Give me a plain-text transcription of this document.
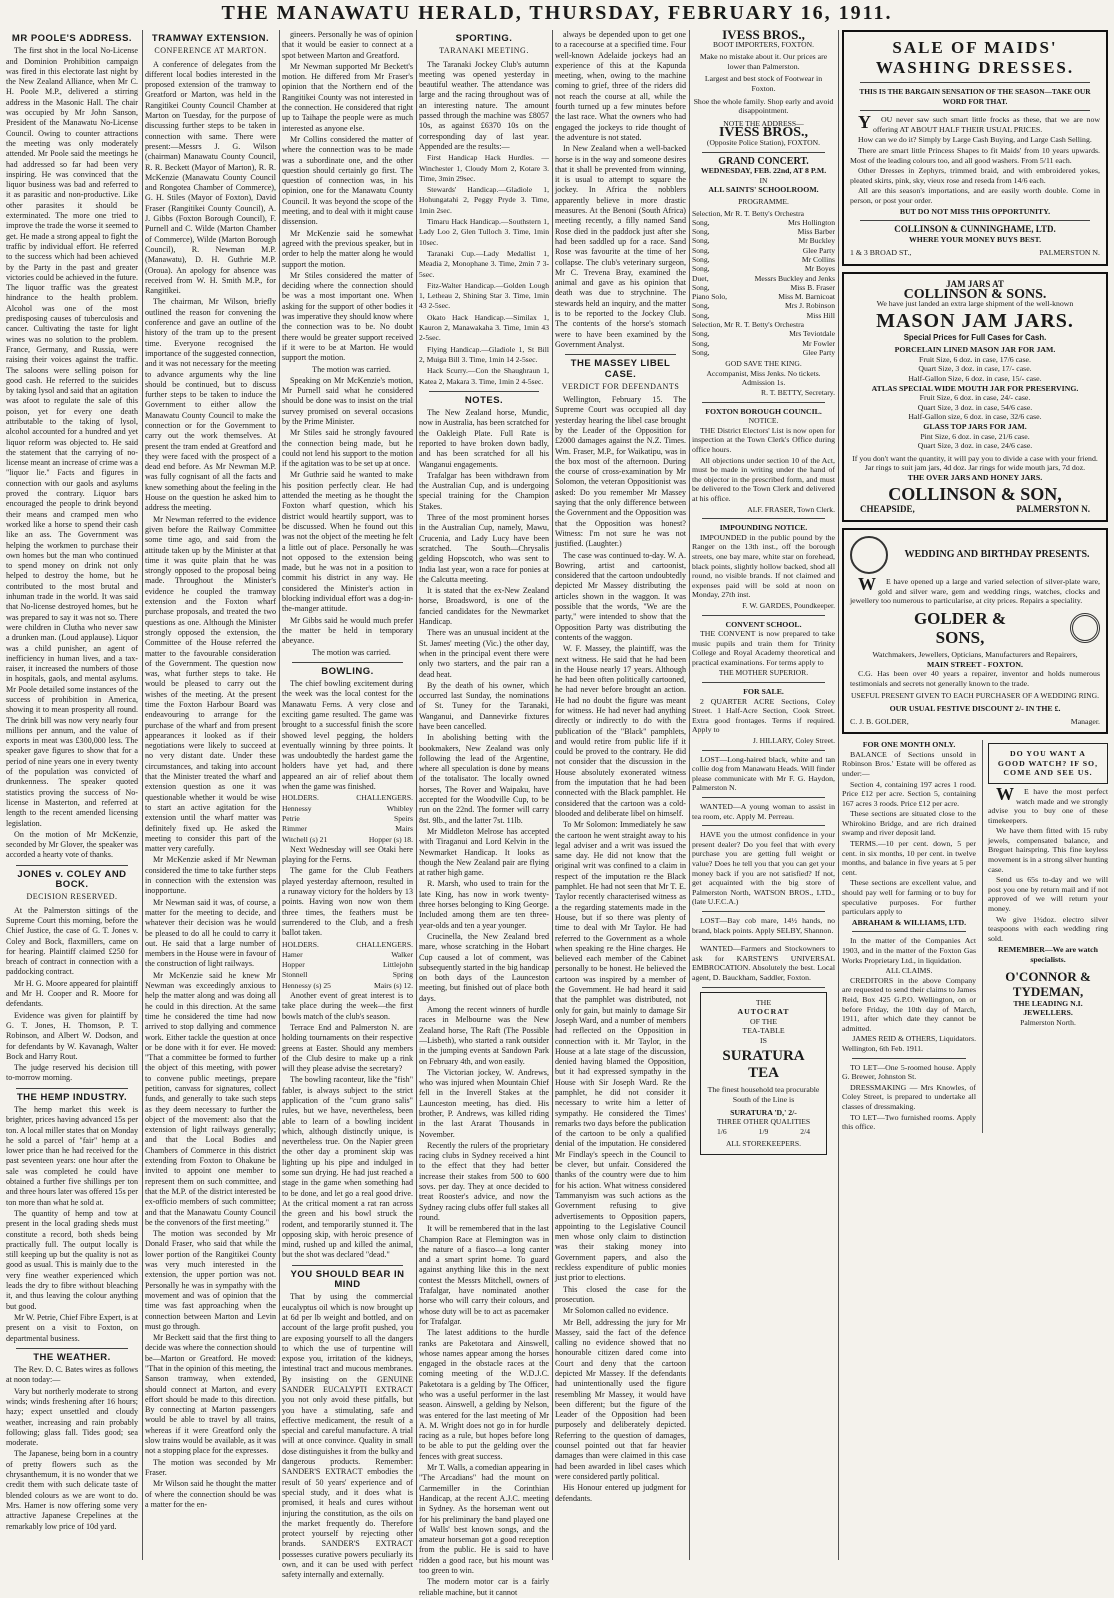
THE MANAWATU HERALD, THURSDAY, FEBRUARY 16, 1911.
MR POOLE'S ADDRESS.
The first shot in the local No-License and Dominion Prohibition campaign was fired in this electorate last night by the New Zealand Alliance, when Mr C. H. Poole M.P., delivered a stirring address in the Masonic Hall. The chair was occupied by Mr John Sanson, President of the Manawatu No-License Council. Owing to counter attractions the meeting was only moderately attended. Mr Poole said the meetings he had addressed so far had been very inspiring. He was convinced that the liquor business was bad and referred to it as parasitic and non-productive. Like other parasites it should be exterminated. The more one tried to improve the trade the worse it seemed to get. He made a strong appeal to fight the traffic by individual effort. He referred to the success which had been achieved by the Party in the past and greater victories could be achieved in the future. The liquor traffic was the greatest hindrance to the health problem. Alcohol was one of the most predisposing causes of tuberculosis and cancer. Cultivating the taste for light wines was no solution to the problem. France, Germany, and Russia, were raising their voices against the traffic. The saloons were selling poison for good cash. He referred to the suicides by taking lysol and said that an agitation was afoot to regulate the sale of this poison, yet for every one death attributable to the taking of lysol, alcohol accounted for a hundred and yet liquor reform was objected to. He said the statement that the carrying of no-license meant an increase of crime was a "liquor lie." Facts and figures in connection with our gaols and asylums proved the contrary. Liquor bars encouraged the people to drink beyond their means and cramped men who worked like a horse to spend their cash like an ass. The Government was helping the workmen to purchase their own homes but the man who continued to spend money on drink not only helped to destroy the home, but he contributed to the most brutal and inhuman trade in the world. It was said that No-license destroyed homes, but he was prepared to say it was not so. There were children in Clutha who never saw a drunken man. (Loud applause). Liquor was a child punisher, an agent of inefficiency in human lives, and a tax-raiser, it increased the numbers of those in hospitals, gaols, and mental asylums. Mr Poole detailed some instances of the success of prohibition in America, showing it to mean prosperity all round. The drink bill was now very nearly four millions per annum, and the value of exports in meat was £300,000 less. The speaker gave figures to show that for a period of nine years one in every twenty of the population was convicted of drunkenness. The speaker quoted statistics proving the success of No-license in Masterton, and referred at length to the recent amended licensing legislation.
On the motion of Mr McKenzie, seconded by Mr Glover, the speaker was accorded a hearty vote of thanks.
JONES v. COLEY AND BOCK.
DECISION RESERVED.
At the Palmerston sittings of the Supreme Court this morning, before the Chief Justice, the case of G. T. Jones v. Coley and Bock, flaxmillers, came on for hearing. Plaintiff claimed £250 for breach of contract in connection with a paddocking contract.
Mr H. G. Moore appeared for plaintiff and Mr H. Cooper and R. Moore for defendants.
Evidence was given for plaintiff by G. T. Jones, H. Thomson, P. T. Robinson, and Albert W. Dodson, and for defendants by W. Kavanagh, Walter Bock and Harry Rout.
The judge reserved his decision till to-morrow morning.
THE HEMP INDUSTRY.
The hemp market this week is brighter, prices having advanced 15s per ton. A local miller states that on Monday he sold a parcel of "fair" hemp at a lower price than he had received for the past seventeen years: one hour after the sale was completed he could have obtained a further five shillings per ton and three hours later was offered 15s per ton more than what he sold at.
The quantity of hemp and tow at present in the local grading sheds must constitute a record, both sheds being practically full. The output locally is still keeping up but the quality is not as good as usual. This is mainly due to the very fine weather experienced which leads the dry to fibre without bleaching it, and thus leaving the colour anything but good.
Mr W. Petrie, Chief Fibre Expert, is at present on a visit to Foxton, on departmental business.
THE WEATHER.
The Rev. D. C. Bates wires as follows at noon today:—
Vary but northerly moderate to strong winds; winds freshening after 16 hours; hazy; expect unsettled and cloudy weather, increasing and rain probably following; glass fall. Tides good; sea moderate.
The Japanese, being born in a country of pretty flowers such as the chrysanthemum, it is no wonder that we credit them with such delicate taste of blended colours as we are wont to do. Mrs. Hamer is now offering some very attractive Japanese Crepelines at the remarkably low price of 10d yard.
TRAMWAY EXTENSION.
CONFERENCE AT MARTON.
A conference of delegates from the different local bodies interested in the proposed extension of the tramway to Greatford or Marton, was held in the Rangitikei County Council Chamber at Marton on Tuesday, for the purpose of discussing further steps to be taken in connection with same. There were present:—Messrs J. G. Wilson (chairman) Manawatu County Council, R. R. Beckett (Mayor of Marton), R. R. McKenzie (Manawatu County Council and Rongotea Chamber of Commerce), G. H. Stiles (Mayor of Foxton), David Fraser (Rangitikei County Council), A. J. Gibbs (Foxton Borough Council), F. Purnell and C. Wilde (Marton Chamber of Commerce), Wilde (Marton Borough Council), R. Newman M.P. (Manawatu), D. H. Guthrie M.P. (Oroua). An apology for absence was received from W. H. Smith M.P., for Rangitikei.
The chairman, Mr Wilson, briefly outlined the reason for convening the conference and gave an outline of the history of the tram up to the present time. Everyone recognised the importance of the suggested connection, and it was not necessary for the meeting to advance arguments why the line should be continued, but to discuss further steps to be taken to induce the Government to either allow the Manawatu County Council to make the connection or for the Government to carry out the work themselves. At present the tram ended at Greatford and they were faced with the prospect of a dead end before. As Mr Newman M.P. was fully cognisant of all the facts and knew something about the feeling in the House on the question he asked him to address the meeting.
Mr Newman referred to the evidence given before the Railway Committee some time ago, and said from the attitude taken up by the Minister at that time it was quite plain that he was strongly opposed to the proposal being made. Throughout the Minister's evidence he coupled the tramway extension and the Foxton wharf purchase proposals, and treated the two questions as one. Although the Minister strongly opposed the extension, the Committee of the House referred the matter to the favourable consideration of the Government. The question now was, what further steps to take. He would be pleased to carry out the wishes of the meeting. At the present time the Foxton Harbour Board was endeavouring to arrange for the purchase of the wharf and from present appearances it looked as if their negotiations were likely to succeed at no very distant date. Under these circumstances, and taking into account that the Minister treated the wharf and extension question as one it was questionable whether it would be wise to start an active agitation for the extension until the wharf matter was definitely fixed up. He asked the meeting to consider this part of the matter very carefully.
Mr McKenzie asked if Mr Newman considered the time to take further steps in connection with the extension was inopportune.
Mr Newman said it was, of course, a matter for the meeting to decide, and whatever their decision was he would be pleased to do all he could to carry it out. He said that a large number of members in the House were in favour of the construction of light railways.
Mr McKenzie said he knew Mr Newman was exceedingly anxious to help the matter along and was doing all he could in this direction. At the same time he considered the time had now arrived to stop dallying and commence work. Either tackle the question at once or be done with it for ever. He moved: "That a committee be formed to further the object of this meeting, with power to convene public meetings, prepare petition, canvass for signatures, collect funds, and generally to take such steps as they deem necessary to further the object of the movement: also that the extension of light railways generally; and that the Local Bodies and Chambers of Commerce in this district extending from Foxton to Ohakune be invited to appoint one member to represent them on such committee, and that the M.P. of the district interested be ex-officio members of such committee; and that the Manawatu County Council be the convenors of the first meeting."
The motion was seconded by Mr Donald Fraser, who said that while the lower portion of the Rangitikei County was very much interested in the extension, the upper portion was not. Personally he was in sympathy with the movement and was of opinion that the time was fast approaching when the connection between Marton and Levin must go through.
Mr Beckett said that the first thing to decide was where the connection should be—Marton or Greatford. He moved: "That in the opinion of this meeting, the Sanson tramway, when extended, should connect at Marton, and every effort should be made to this direction. By connecting at Marton passengers would be able to travel by all trains, whereas if it were Greatford only the slow trains would be available, as it was not a stopping place for the expresses.
The motion was seconded by Mr Fraser.
Mr Wilson said he thought the matter of where the connection should be was a matter for the en-
gineers. Personally he was of opinion that it would be easier to connect at a spot between Marton and Greatford.
Mr Newman supported Mr Beckett's motion. He differed from Mr Fraser's opinion that the Northern end of the Rangitikei County was not interested in the connection. He considered that right up to Taihape the people were as much interested as anyone else.
Mr Collins considered the matter of where the connection was to be made was a subordinate one, and the other question should certainly go first. The question of connection was, in his opinion, one for the Manawatu County Council. It was beyond the scope of the meeting, and to deal with it might cause dissension.
Mr McKenzie said he somewhat agreed with the previous speaker, but in order to help the matter along he would support the motion.
Mr Stiles considered the matter of deciding where the connection should be was a most important one. When asking for the support of other bodies it was imperative they should know where the connection was to be. No doubt there would be greater support received if it were to be at Marton. He would support the motion.
The motion was carried.
Speaking on Mr McKenzie's motion, Mr Purnell said what he considered should be done was to insist on the trial survey promised on several occasions by the Prime Minister.
Mr Stiles said he strongly favoured the connection being made, but he could not lend his support to the motion if the agitation was to be set up at once.
Mr Guthrie said he wanted to make his position perfectly clear. He had attended the meeting as he thought the Foxton wharf question, which his district would heartily support, was to be discussed. When he found out this was not the object of the meeting he felt a little out of place. Personally he was not opposed to the extension being made, but he was not in a position to commit his district in any way. He considered the Minister's action in blocking individual effort was a dog-in-the-manger attitude.
Mr Gibbs said he would much prefer the matter be held in temporary abeyance.
The motion was carried.
BOWLING.
The chief bowling excitement during the week was the local contest for the Manawatu Ferns. A very close and exciting game resulted. The game was brought to a successful finish the score showed level pegging, the holders eventually winning by three points. It was undoubtedly the hardest game the holders have yet had, and there appeared an air of relief about them when the game was finished.
HOLDERS.	CHALLENGERS.
Hennessy	Whibley
Petrie	Speirs
Rimmer	Mairs
Witchell (s) 21	Hopper (s) 18.
Next Wednesday will see Otaki here playing for the Ferns.
The game for the Club Feathers played yesterday afternoon, resulted in a runaway victory for the holders by 13 points. Having won now won them three times, the feathers must be surrendered to the Club, and a fresh ballot taken.
HOLDERS.	CHALLENGERS.
Hamer	Walker
Hopper	Littlejohn
Stonnell	Spring
Hennessy (s) 25	Mairs (s) 12.
Another event of great interest is to take place during the week—the first bowls match of the club's season.
Terrace End and Palmerston N. are holding tournaments on their respective greens at Easter. Should any members of the Club desire to make up a rink will they please advise the secretary?
The bowling raconteur, like the "fish" fabler, is always subject to the strict application of the "cum grano salis" rules, but we have, nevertheless, been able to learn of a bowling incident which, although distinctly unique, is nevertheless true. On the Napier green the other day a prominent skip was lighting up his pipe and indulged in some sun drying. He had just reached a stage in the game when something had to be done, and let go a real good drive. At the critical moment a rat ran across the green and his bowl struck the rodent, and temporarily stunned it. The opposing skip, with heroic presence of mind, rushed up and killed the animal, but the shot was declared "dead."
YOU SHOULD BEAR IN MIND
That by using the commercial eucalyptus oil which is now brought up at 6d per lb weight and bottled, and on account of the large profit pushed, you are exposing yourself to all the dangers to which the use of turpentine will expose you, irritation of the kidneys, intestinal tract and mucous membranes. By insisting on the GENUINE SANDER EUCALYPTI EXTRACT you not only avoid these pitfalls, but you have a stimulating, safe and effective medicament, the result of a special and careful manufacture. A trial will at once convince. Quality in small dose distinguishes it from the bulky and dangerous products. Remember: SANDER'S EXTRACT embodies the result of 50 years' experience and of special study, and it does what is promised, it heals and cures without injuring the constitution, as the oils on the market frequently do. Therefore protect yourself by rejecting other brands. SANDER'S EXTRACT possesses curative powers peculiarly its own, and it can be used with perfect safety internally and externally.
SPORTING.
TARANAKI MEETING.
The Taranaki Jockey Club's autumn meeting was opened yesterday in beautiful weather. The attendance was large and the racing throughout was of an interesting nature. The amount passed through the machine was £8057 10s, as against £6370 10s on the corresponding day of last year. Appended are the results:—
First Handicap Hack Hurdles. —Winchester 1, Cloudy Morn 2, Kotare 3. Time, 3min 29sec.
Stewards' Handicap.—Gladiole 1, Hohungatahi 2, Peggy Pryde 3. Time, 1min 2sec.
Timaru Hack Handicap.—Southstern 1, Lady Loo 2, Glen Tulloch 3. Time, 1min 10sec.
Taranaki Cup.—Lady Medallist 1, Meadia 2, Monophane 3. Time, 2min 7 3-5sec.
Fitz-Walter Handicap.—Golden Lough 1, Letheau 2, Shining Star 3. Time, 1min 43 2-5sec.
Okato Hack Handicap.—Similax 1, Kauron 2, Manawakaha 3. Time, 1min 43 2-5sec.
Flying Handicap.—Gladiole 1, St Bill 2, Muiga Bill 3. Time, 1min 14 2-5sec.
Hack Scurry.—Con the Shaughraun 1, Katea 2, Makara 3. Time, 1min 2 4-5sec.
NOTES.
The New Zealand horse, Mundic, now in Australia, has been scratched for the Oakleigh Plate. Full Rate is reported to have broken down badly, and has been scratched for all his Wanganui engagements.
Trafalgar has been withdrawn from the Australian Cup, and is undergoing special training for the Champion Stakes.
Three of the most prominent horses in the Australian Cup, namely, Mawu, Crucenia, and Lady Lucy have been scratched. The South—Chrysalis gelding Hopscotch, who was sent to India last year, won a race for ponies at the Calcutta meeting.
It is stated that the ex-New Zealand horse, Broadsword, is one of the fancied candidates for the Newmarket Handicap.
There was an unusual incident at the St. James' meeting (Vic.) the other day, when in the principal event there were only two starters, and the pair ran a dead heat.
By the death of his owner, which occurred last Sunday, the nominations of St. Tuney for the Taranaki, Wanganui, and Dannevirke fixtures have been cancelled.
In abolishing betting with the bookmakers, New Zealand was only following the lead of the Argentine, where all speculation is done by means of the totalisator. The locally owned horses, The Rover and Waipaku, have accepted for the Woodville Cup, to be run on the 22nd. The former will carry 8st. 9lb., and the latter 7st. 11lb.
Mr Middleton Melrose has accepted with Tiraganui and Lord Kelvin in the Newmarket Handicap. It looks as though the New Zealand pair are flying at rather high game.
R. Marsh, who used to train for the late King, has now in work twenty-three horses belonging to King George. Included among them are ten three-year-olds and ten a year younger.
Crucinella, the New Zealand bred mare, whose scratching in the Hobart Cup caused a lot of comment, was subsequently started in the big handicap on both days of the Launceston meeting, but finished out of place both days.
Among the recent winners of hurdle races in Melbourne was the New Zealand horse, The Raft (The Possible—Lisbeth), who started a rank outsider in the jumping events at Sandown Park on February 4th, and won easily.
The Victorian jockey, W. Andrews, who was injured when Mountain Chief fell in the Inverell Stakes at the Launceston meeting, has died. His brother, P. Andrews, was killed riding in the last Ararat Thousands in November.
Recently the rulers of the proprietary racing clubs in Sydney received a hint to the effect that they had better increase their stakes from 500 to 600 sovs. per day. They at once decided to treat Rooster's advice, and now the Sydney racing clubs offer full stakes all round.
It will be remembered that in the last Champion Race at Flemington was in the nature of a fiasco—a long canter and a smart sprint home. To guard against anything like this in the next contest the Messrs Mitchell, owners of Trafalgar, have nominated another horse who will carry their colours, and whose duty will be to act as pacemaker for Trafalgar.
The latest additions to the hurdle ranks are Paketotara and Ainswell, whose names appear among the horses engaged in the obstacle races at the coming meeting of the W.D.J.C. Paketotara is a gelding by The Officer, who was a useful performer in the last season. Ainswell, a gelding by Nelson, was entered for the last meeting of Mr A. M. Wright does not go in for hurdle racing as a rule, but hopes before long to be able to put the gelding over the fences with great success.
Mr T. Walls, a comedian appearing in "The Arcadians" had the mount on Carmemiller in the Corinthian Handicap, at the recent A.J.C. meeting in Sydney. As the horseman went out for his preliminary the band played one of Walls' best known songs, and the amateur horseman got a good reception from the public. He is said to have ridden a good race, but his mount was too green to win.
The modern motor car is a fairly reliable machine, but it cannot
always be depended upon to get one to a racecourse at a specified time. Four well-known Adelaide jockeys had an experience of this at the Kapunda meeting, when, owing to the machine coming to grief, three of the riders did not reach the course at all, while the fourth turned up a few minutes before the last race. What the owners who had engaged the jockeys to ride thought of the adventure is not stated.
In New Zealand when a well-backed horse is in the way and someone desires that it shall be prevented from winning, it is usual to attempt to square the jockey. In Africa the nobblers apparently believe in more drastic measures. At the Benoni (South Africa) meeting recently, a filly named Sand Rose died in the paddock just after she had been saddled up for a race. Sand Rose was favourite at the time of her collapse. The club's veterinary surgeon, Mr C. Trevena Bray, examined the animal and gave as his opinion that death was due to strychnine. The stewards held an inquiry, and the matter is to be reported to the Jockey Club. The contents of the horse's stomach were to have been examined by the Government Analyst.
THE MASSEY LIBEL CASE.
VERDICT FOR DEFENDANTS
Wellington, February 15. The Supreme Court was occupied all day yesterday hearing the libel case brought by the Leader of the Opposition for £2000 damages against the N.Z. Times. Wm. Fraser, M.P., for Waikatipu, was in the box most of the afternoon. During the course of cross-examination by Mr Solomon, the veteran Oppositionist was asked: Do you remember Mr Massey saying that the only difference between the Government and the Opposition was that the Opposition was honest? Witness: I'm not sure he was not justified. (Laughter.)
The case was continued to-day. W. A. Bowring, artist and cartoonist, considered that the cartoon undoubtedly depicted Mr Massey distributing the articles shown in the waggon. It was possible that the words, "We are the party," were intended to show that the Opposition Party was distributing the contents of the waggon.
W. F. Massey, the plaintiff, was the next witness. He said that he had been in the House nearly 17 years. Although he had been often politically cartooned, he had never before brought an action. He had no doubt the figure was meant for witness. He had never had anything directly or indirectly to do with the publication of the "Black" pamphlets, and would retire from public life if it could be proved to the contrary. He did not consider that the discussion in the House absolutely exonerated witness from the imputation that he had been connected with the Black pamphlet. He considered that the cartoon was a cold-blooded and deliberate libel on himself.
To Mr Solomon: Immediately he saw the cartoon he went straight away to his legal adviser and a writ was issued the same day. He did not know that the original writ was confined to a claim in respect of the imputation re the Black pamphlet. He had not seen that Mr T. E. Taylor recently characterised witness as a the regarding statements made in the House, but if so there was plenty of time to deal with Mr Taylor. He had referred to the Government as a whole when speaking re the Hine charges. He believed each member of the Cabinet personally to be honest. He believed the cartoon was inspired by a member of the Government. He had heard it said that the pamphlet was distributed, not only for gain, but mainly to damage Sir Joseph Ward, and a number of members had reflected on the Opposition in connection with it. Mr Taylor, in the House at a late stage of the discussion, denied having blamed the Opposition, but it had expressed sympathy in the House with Sir Joseph Ward. Re the pamphlet, he did not consider it necessary to write him a letter of sympathy. He considered the Times' remarks two days before the publication of the cartoon to be only a qualified denial of the imputation. He considered Mr Findlay's speech in the Council to be clever, but unfair. Considered the thanks of the country were due to him for his action. What witness considered Tammanyism was such actions as the Government refusing to give advertisements to Opposition papers, appointing to the Legislative Council men whose only claim to distinction was their staking money into Government papers, and also the reckless expenditure of public monies just prior to elections.
This closed the case for the prosecution.
Mr Solomon called no evidence.
Mr Bell, addressing the jury for Mr Massey, said the fact of the defence calling no evidence showed that no honourable citizen dared come into Court and deny that the cartoon depicted Mr Massey. If the defendants had unintentionally used the figure resembling Mr Massey, it would have been different; but the figure of the Leader of the Opposition had been purposely and deliberately depicted. Referring to the question of damages, counsel pointed out that far heavier damages than were claimed in this case had been awarded in libel cases which were considered partly political.
His Honour entered up judgment for defendants.
IVESS BROS.,
BOOT IMPORTERS, FOXTON.
Make no mistake about it. Our prices are lower than Palmerston.
Largest and best stock of Footwear in Foxton.
Shoe the whole family. Shop early and avoid disappointment.
NOTE THE ADDRESS—
IVESS BROS.,
(Opposite Police Station), FOXTON.
GRAND CONCERT.
WEDNESDAY, FEB. 22nd, AT 8 P.M.
IN
ALL SAINTS' SCHOOLROOM.
PROGRAMME.
Selection, Mr R. T. Betty's Orchestra
Song,	Mrs Hollington
Song,	Miss Barber
Song,	Mr Buckley
Song,	Glee Party
Song,	Mr Collins
Song,	Mr Boyes
Duet,	Messrs Buckley and Jenks
Song,	Miss B. Fraser
Piano Solo,	Miss M. Barnicoat
Song,	Mrs J. Robinson
Song,	Miss Hill
Selection, Mr R. T. Betty's Orchestra
Song,	Mrs Teviotdale
Song,	Mr Fowler
Song,	Glee Party
GOD SAVE THE KING.
Accompanist, Miss Jenks. No tickets. Admission 1s.
R. T. BETTY, Secretary.
FOXTON BOROUGH COUNCIL.
NOTICE.
THE District Electors' List is now open for inspection at the Town Clerk's Office during office hours.
All objections under section 10 of the Act, must be made in writing under the hand of the objector in the prescribed form, and must be delivered to the Town Clerk and delivered at his office.
ALF. FRASER, Town Clerk.
IMPOUNDING NOTICE.
IMPOUNDED in the public pound by the Ranger on the 13th inst., off the borough streets, one bay mare, white star on forehead, black points, slightly hollow backed, shod all round, no visible brands. If not claimed and expenses paid will be sold at noon on Monday, 27th inst.
F. W. GARDES, Poundkeeper.
CONVENT SCHOOL.
THE CONVENT is now prepared to take music pupils and train them for Trinity College and Royal Academy theoretical and practical examinations. For terms apply to
THE MOTHER SUPERIOR.
FOR SALE.
2 QUARTER ACRE Sections, Coley Street. 1 Half-Acre Section, Cook Street. Extra good frontages. Terms if required. Apply to
J. HILLARY, Coley Street.
LOST—Long-haired black, white and tan collie dog from Manawatu Heads. Will finder please communicate with Mr F. G. Haydon, Palmerston N.
WANTED—A young woman to assist in tea room, etc. Apply M. Perreau.
HAVE you the utmost confidence in your present dealer? Do you feel that with every purchase you are getting full weight or value? Does he tell you that you can get your money back if you are not satisfied? If not, get acquainted with the big store of Palmerston North, WATSON BROS., LTD., (late U.F.C.A.)
LOST—Bay cob mare, 14½ hands, no brand, black points. Apply SELBY, Shannon.
WANTED—Farmers and Stockowners to ask for KARSTEN'S UNIVERSAL EMBROCATION. Absolutely the best. Local agent, D. Bauckham, Saddler, Foxton.
THE
AUTOCRAT
OF THE
TEA-TABLE
IS
SURATURA TEA
The finest household tea procurable South of the Line is
SURATURA 'D,' 2/-
THREE OTHER QUALITIES
1/6	1/9	2/4
ALL STOREKEEPERS.
SALE OF MAIDS'
WASHING DRESSES.
THIS IS THE BARGAIN SENSATION OF THE SEASON—TAKE OUR WORD FOR THAT.
YOU never saw such smart little frocks as these, that we are now offering AT ABOUT HALF THEIR USUAL PRICES.
How can we do it? Simply by Large Cash Buying, and Large Cash Selling.
There are smart little Princess Shapes to fit Maids' from 10 years upwards. Most of the leading colours too, and all good washers. From 5/11 each.
Other Dresses in Zephyrs, trimmed braid, and with embroidered yokes, pleated skirts, pink, sky, vieux rose and reseda from 14/6 each.
All are this season's importations, and are easily worth double. Come in person, or post your order.
BUT DO NOT MISS THIS OPPORTUNITY.
COLLINSON & CUNNINGHAME, LTD.
WHERE YOUR MONEY BUYS BEST.
1 & 3 BROAD ST.,	PALMERSTON N.
JAM JARS AT
COLLINSON & SONS.
We have just landed an extra large shipment of the well-known
MASON JAM JARS.
Special Prices for Full Cases for Cash.
PORCELAIN LINED MASON JAR FOR JAM.
Fruit Size, 6 doz. in case, 17/6 case.
Quart Size, 3 doz. in case, 17/- case.
Half-Gallon Size, 6 doz. in case, 15/- case.
ATLAS SPECIAL WIDE MOUTH JAR FOR PRESERVING.
Fruit Size, 6 doz. in case, 24/- case.
Quart Size, 3 doz. in case, 54/6 case.
Half-Gallon size, 6 doz. in case, 32/6 case.
GLASS TOP JARS FOR JAM.
Pint Size, 6 doz. in case, 21/6 case.
Quart Size, 3 doz. in case, 24/6 case.
If you don't want the quantity, it will pay you to divide a case with your friend. Jar rings to suit jam jars, 4d doz. Jar rings for wide mouth jars, 7d doz.
THE OVER JARS AND HONEY JARS.
COLLINSON & SON,
CHEAPSIDE,	PALMERSTON N.
WEDDING AND BIRTHDAY PRESENTS.
WE have opened up a large and varied selection of silver-plate ware, gold and silver ware, gem and wedding rings, watches, clocks and jewellery too numerous to particularise, at city prices. Repairs a speciality.
GOLDER &
SONS,
Watchmakers, Jewellers, Opticians, Manufacturers and Repairers,
MAIN STREET - FOXTON.
C.G. Has been over 40 years a repairer, inventor and holds numerous testimonials and secrets not generally known to the trade.
USEFUL PRESENT GIVEN TO EACH PURCHASER OF A WEDDING RING.
OUR USUAL FESTIVE DISCOUNT 2/- IN THE £.
C. J. B. GOLDER,	Manager.
FOR ONE MONTH ONLY.
BALANCE of Sections unsold in Robinson Bros.' Estate will be offered as under:—
Section 4, containing 197 acres 1 rood. Price £12 per acre. Section 5, containing 167 acres 3 roods. Price £12 per acre.
These sections are situated close to the Whirokino Bridge, and are rich drained swamp and river deposit land.
TERMS.—10 per cent. down, 5 per cent. in six months, 10 per cent. in twelve months, and balance in five years at 5 per cent.
These sections are excellent value, and should pay well for farming or to buy for speculative purposes. For further particulars apply to
ABRAHAM & WILLIAMS, LTD.
In the matter of the Companies Act 1903, and in the matter of the Foxton Gas Works Proprietary Ltd., in liquidation.
ALL CLAIMS.
CREDITORS in the above Company are requested to send their claims to James Reid, Box 425 G.P.O. Wellington, on or before Friday, the 10th day of March, 1911, after which date they cannot be admitted.
JAMES REID & OTHERS, Liquidators.
Wellington, 6th Feb. 1911.
TO LET—One 5-roomed house. Apply G. Brewer, Johnston St.
DRESSMAKING — Mrs Knowles, of Coley Street, is prepared to undertake all classes of dressmaking.
TO LET—Two furnished rooms. Apply this office.
DO YOU WANT A GOOD WATCH? IF SO, COME AND SEE US.
WE have the most perfect watch made and we strongly advise you to buy one of these timekeepers.
We have them fitted with 15 ruby jewels, compensated balance, and Breguet hairspring. This fine keyless movement is in a strong silver hunting case.
Send us 65s to-day and we will post you one by return mail and if not approved of we will return your money.
We give 1½doz. electro silver teaspoons with each wedding ring sold.
REMEMBER—We are watch specialists.
O'CONNOR & TYDEMAN,
THE LEADING N.I. JEWELLERS.
Palmerston North.
